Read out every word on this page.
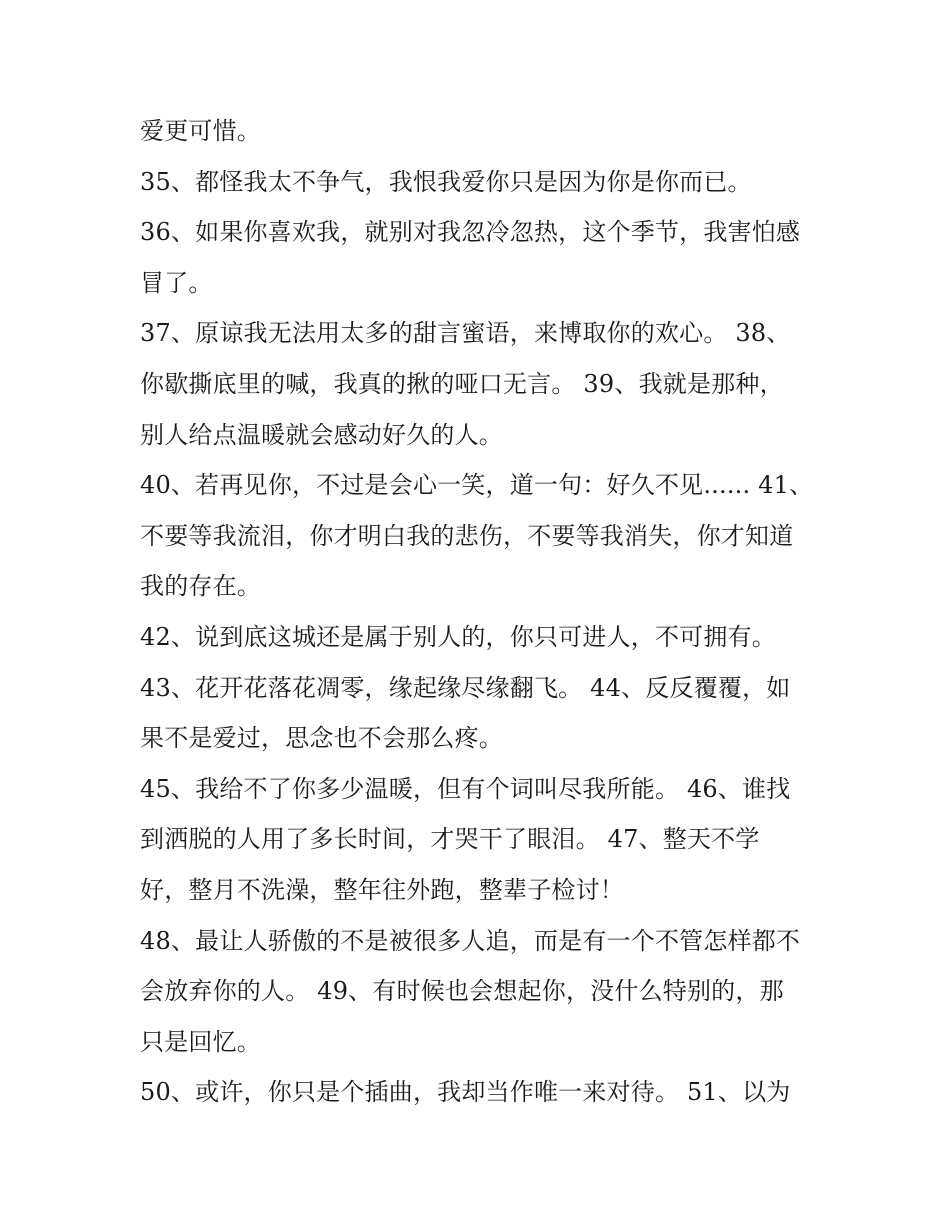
爱更可惜。
35、都怪我太不争气，我恨我爱你只是因为你是你而已。
36、如果你喜欢我，就别对我忽冷忽热，这个季节，我害怕感
冒了。
37、原谅我无法用太多的甜言蜜语，来博取你的欢心。 38、
你歇撕底里的喊，我真的揪的哑口无言。 39、我就是那种，
别人给点温暖就会感动好久的人。
40、若再见你，不过是会心一笑，道一句：好久不见...... 41、
不要等我流泪，你才明白我的悲伤，不要等我消失，你才知道
我的存在。
42、说到底这城还是属于别人的，你只可进人，不可拥有。
43、花开花落花凋零，缘起缘尽缘翻飞。 44、反反覆覆，如
果不是爱过，思念也不会那么疼。
45、我给不了你多少温暖，但有个词叫尽我所能。 46、谁找
到洒脱的人用了多长时间，才哭干了眼泪。 47、整天不学
好，整月不洗澡，整年往外跑，整辈子检讨！
48、最让人骄傲的不是被很多人追，而是有一个不管怎样都不
会放弃你的人。 49、有时候也会想起你，没什么特别的，那
只是回忆。
50、或许，你只是个插曲，我却当作唯一来对待。 51、以为
